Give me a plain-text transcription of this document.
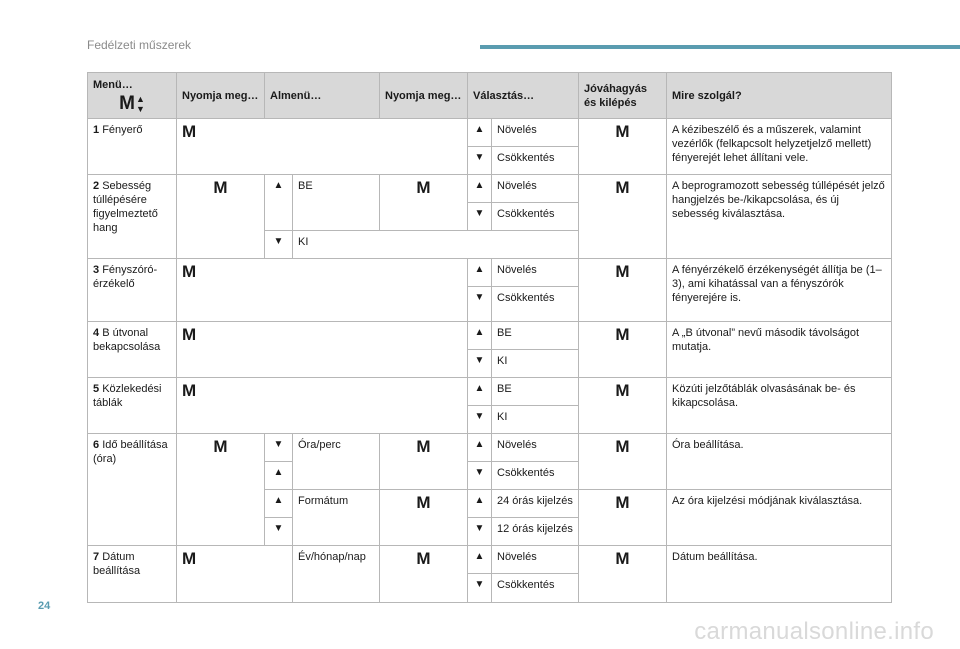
Fedélzeti műszerek
Menü…
M ▲
▼	Nyomja meg…	Almenü…		Nyomja meg…	Választás…		Jóváhagyás és kilépés	Mire szolgál?
1 Fényerő	M				▲	Növelés	M	A kézibeszélő és a műszerek, valamint vezérlők (felkapcsolt helyzetjelző mellett) fényerejét lehet állítani vele.
					▼	Csökkentés		
2 Sebesség túllépésére figyelmeztető hang	M	▲	BE	M	▲	Növelés	M	A beprogramozott sebesség túllépését jelző hangjelzés be-/kikapcsolása, és új sebesség kiválasztása.
					▼	Csökkentés		
		▼	KI					
3 Fényszóró-érzékelő	M				▲	Növelés	M	A fényérzékelő érzékenységét állítja be (1–3), ami kihatással van a fényszórók fényerejére is.
					▼	Csökkentés		
4 B útvonal bekapcsolása	M				▲	BE	M	A „B útvonal” nevű második távolságot mutatja.
					▼	KI		
5 Közlekedési táblák	M				▲	BE	M	Közúti jelzőtáblák olvasásának be- és kikapcsolása.
					▼	KI		
6 Idő beállítása (óra)	M	▼	Óra/perc	M	▲	Növelés	M	Óra beállítása.
		▲			▼	Csökkentés		
		▲	Formátum	M	▲	24 órás kijelzés	M	Az óra kijelzési módjának kiválasztása.
		▼			▼	12 órás kijelzés		
7 Dátum beállítása	M		Év/hónap/nap	M	▲	Növelés	M	Dátum beállítása.
					▼	Csökkentés		
24
carmanualsonline.info
